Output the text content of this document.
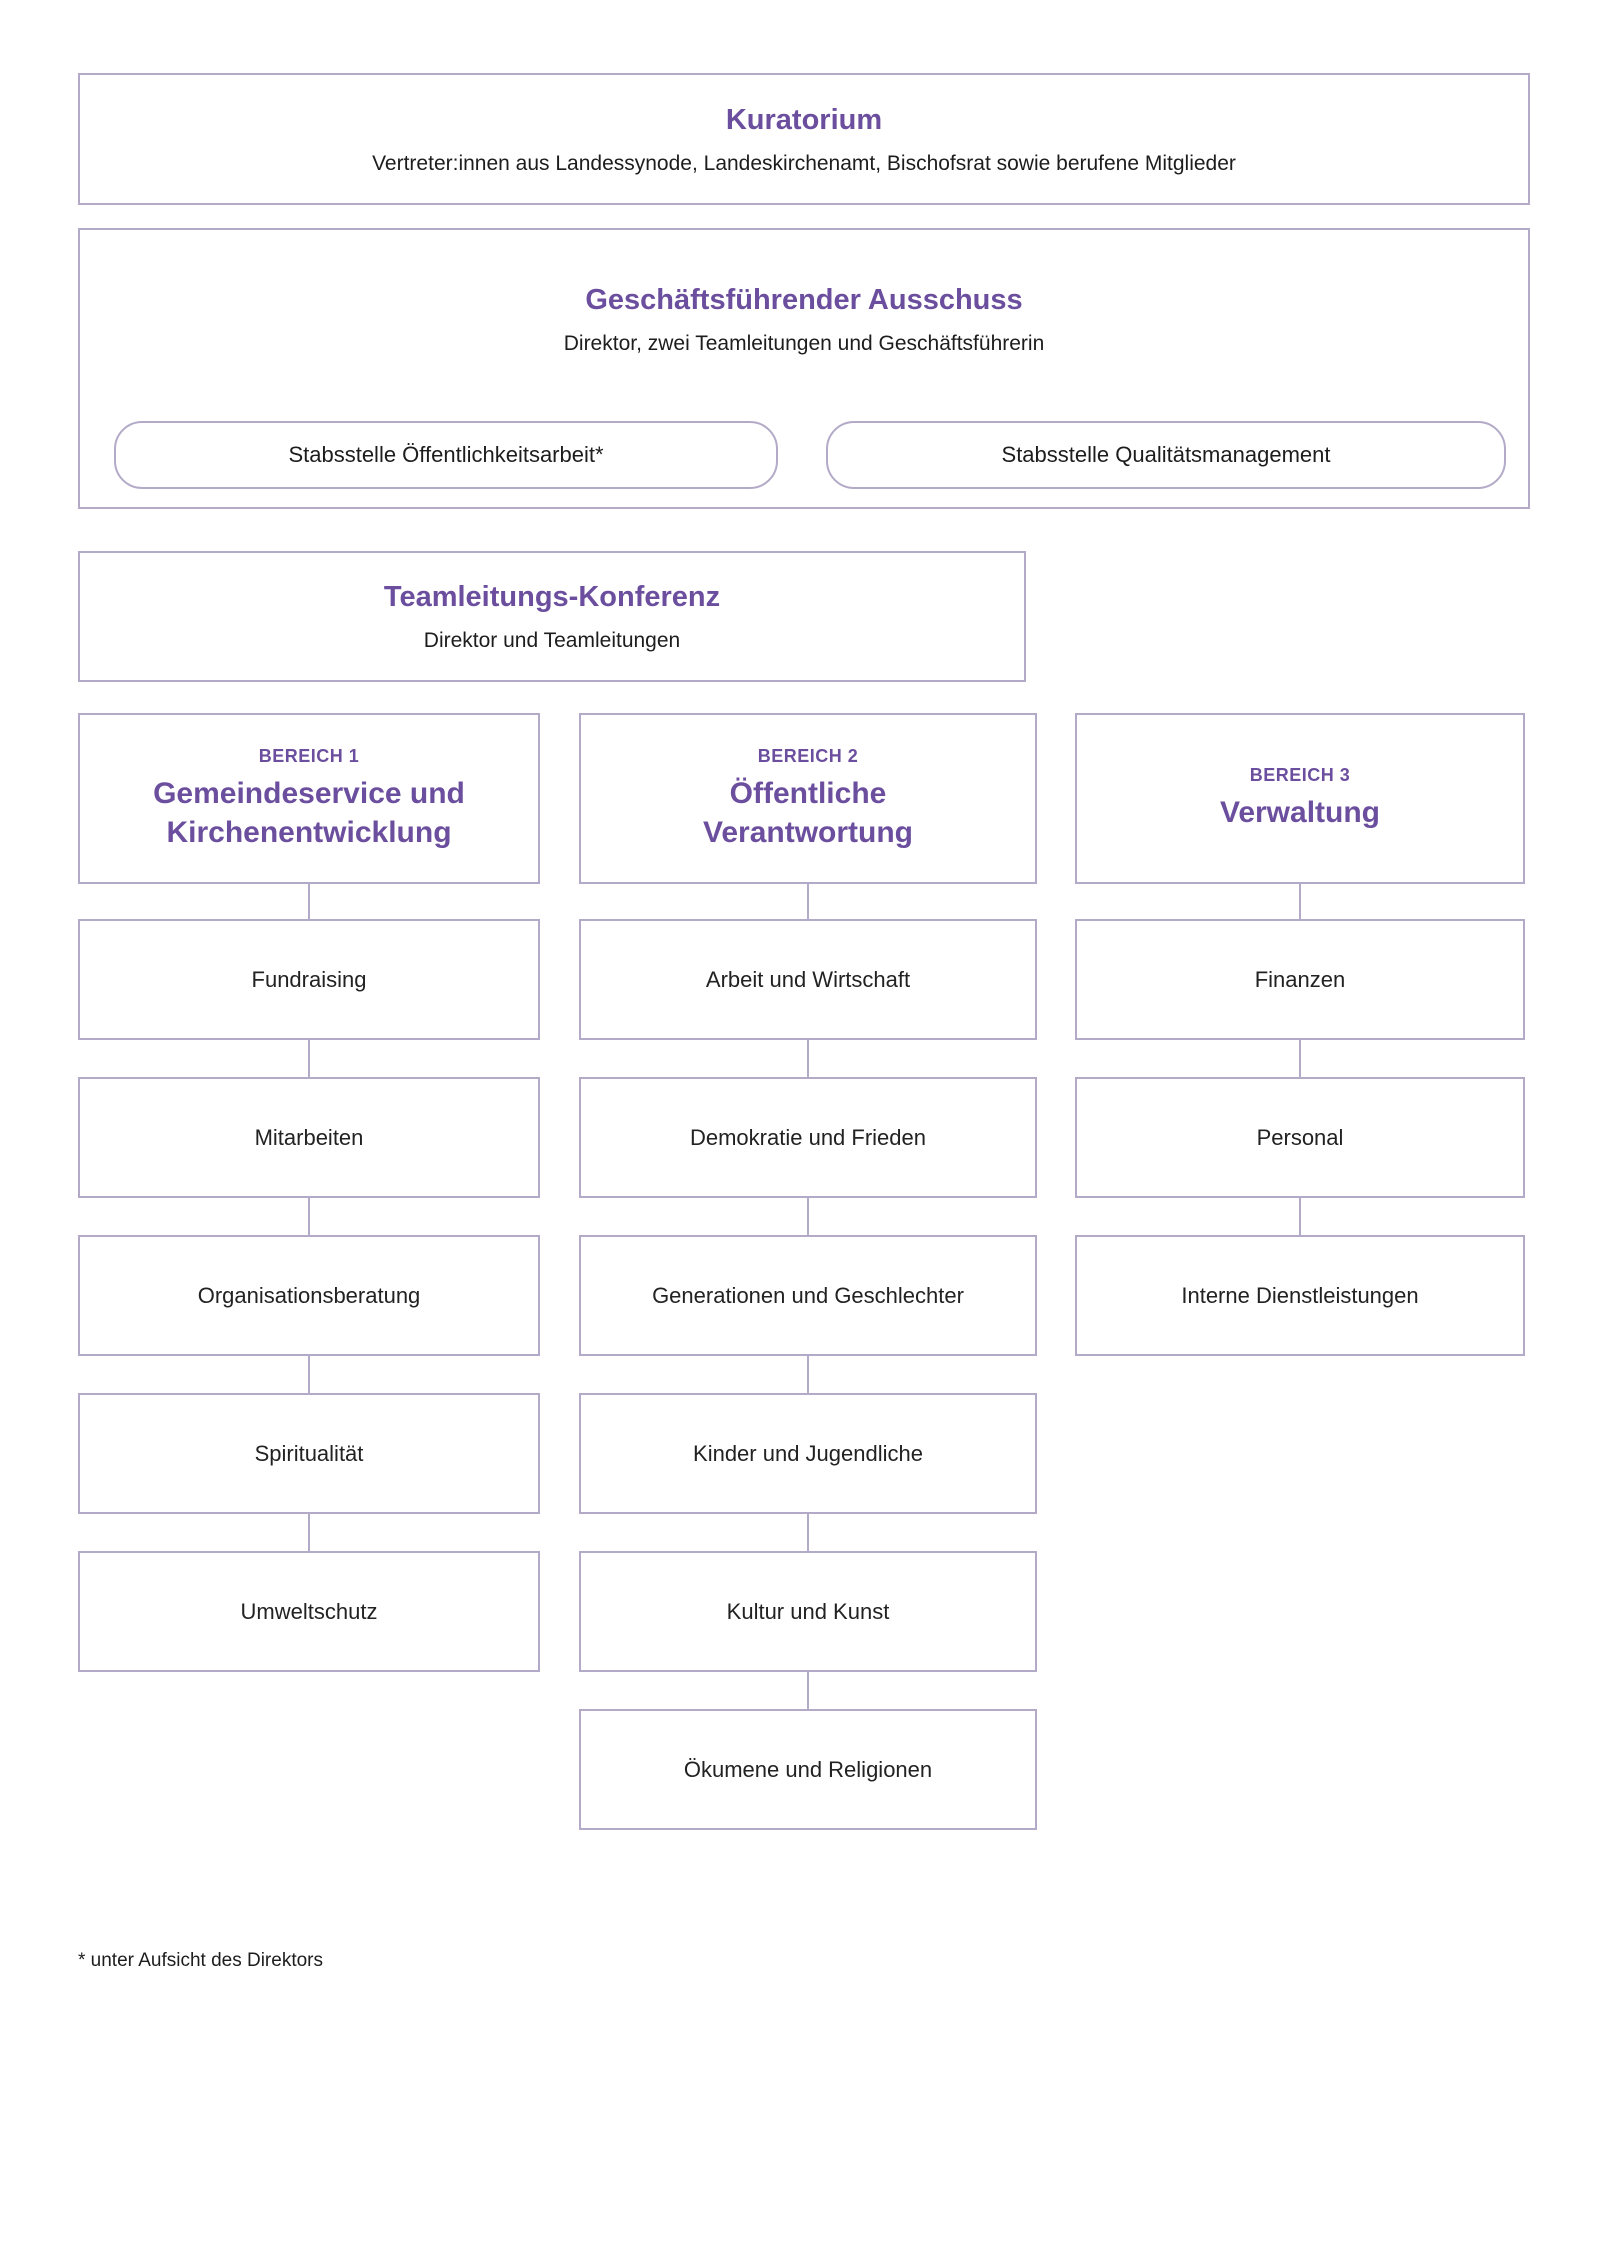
Kuratorium

Vertreter:innen aus Landessynode, Landeskirchenamt, Bischofsrat sowie berufene Mitglieder

Geschäftsführender Ausschuss

Direktor, zwei Teamleitungen und Geschäftsführerin

Stabsstelle Öffentlichkeitsarbeit*	Stabsstelle Qualitätsmanagement
Teamleitungs-Konferenz

Direktor und Teamleitungen

BEREICH 1

Gemeindeservice und Kirchenentwicklung
Fundraising
Mitarbeiten
Organisationsberatung
Spiritualität
Umweltschutz

BEREICH 2

Öffentliche Verantwortung
Arbeit und Wirtschaft
Demokratie und Frieden
Generationen und Geschlechter
Kinder und Jugendliche
Kultur und Kunst
Ökumene und Religionen

BEREICH 3

Verwaltung
Finanzen
Personal
Interne Dienstleistungen

* unter Aufsicht des Direktors
